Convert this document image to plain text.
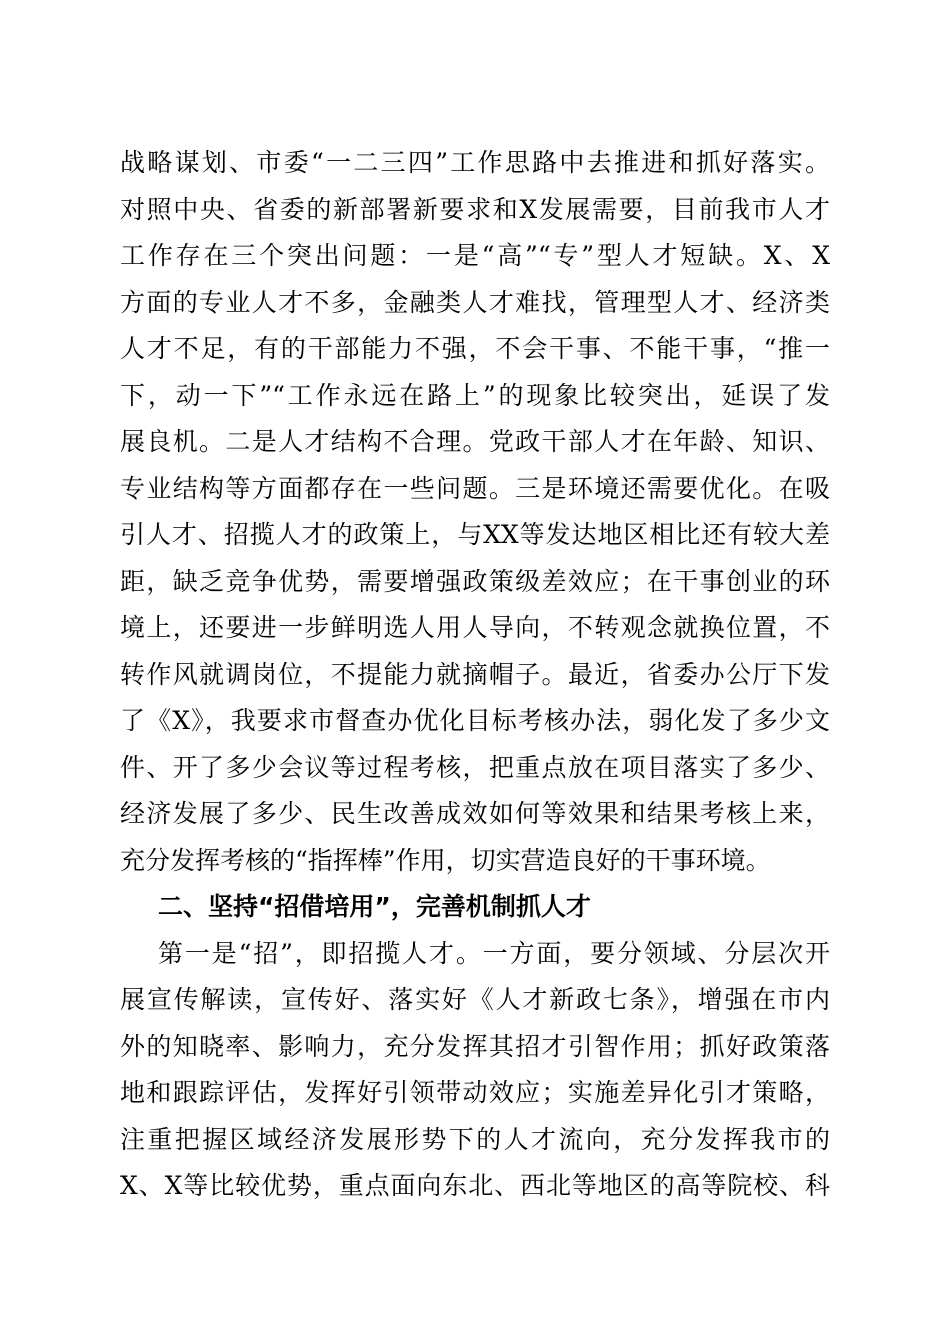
战略谋划、市委“一二三四”工作思路中去推进和抓好落实。
对照中央、省委的新部署新要求和X发展需要，目前我市人才
工作存在三个突出问题：一是“高”“专”型人才短缺。X、X
方面的专业人才不多，金融类人才难找，管理型人才、经济类
人才不足，有的干部能力不强，不会干事、不能干事，“推一
下，动一下”“工作永远在路上”的现象比较突出，延误了发
展良机。二是人才结构不合理。党政干部人才在年龄、知识、
专业结构等方面都存在一些问题。三是环境还需要优化。在吸
引人才、招揽人才的政策上，与XX等发达地区相比还有较大差
距，缺乏竞争优势，需要增强政策级差效应；在干事创业的环
境上，还要进一步鲜明选人用人导向，不转观念就换位置，不
转作风就调岗位，不提能力就摘帽子。最近，省委办公厅下发
了《X》，我要求市督查办优化目标考核办法，弱化发了多少文
件、开了多少会议等过程考核，把重点放在项目落实了多少、
经济发展了多少、民生改善成效如何等效果和结果考核上来，
充分发挥考核的“指挥棒”作用，切实营造良好的干事环境。
二、坚持“招借培用”，完善机制抓人才
第一是“招”，即招揽人才。一方面，要分领域、分层次开
展宣传解读，宣传好、落实好《人才新政七条》，增强在市内
外的知晓率、影响力，充分发挥其招才引智作用；抓好政策落
地和跟踪评估，发挥好引领带动效应；实施差异化引才策略，
注重把握区域经济发展形势下的人才流向，充分发挥我市的
X、X等比较优势，重点面向东北、西北等地区的高等院校、科
